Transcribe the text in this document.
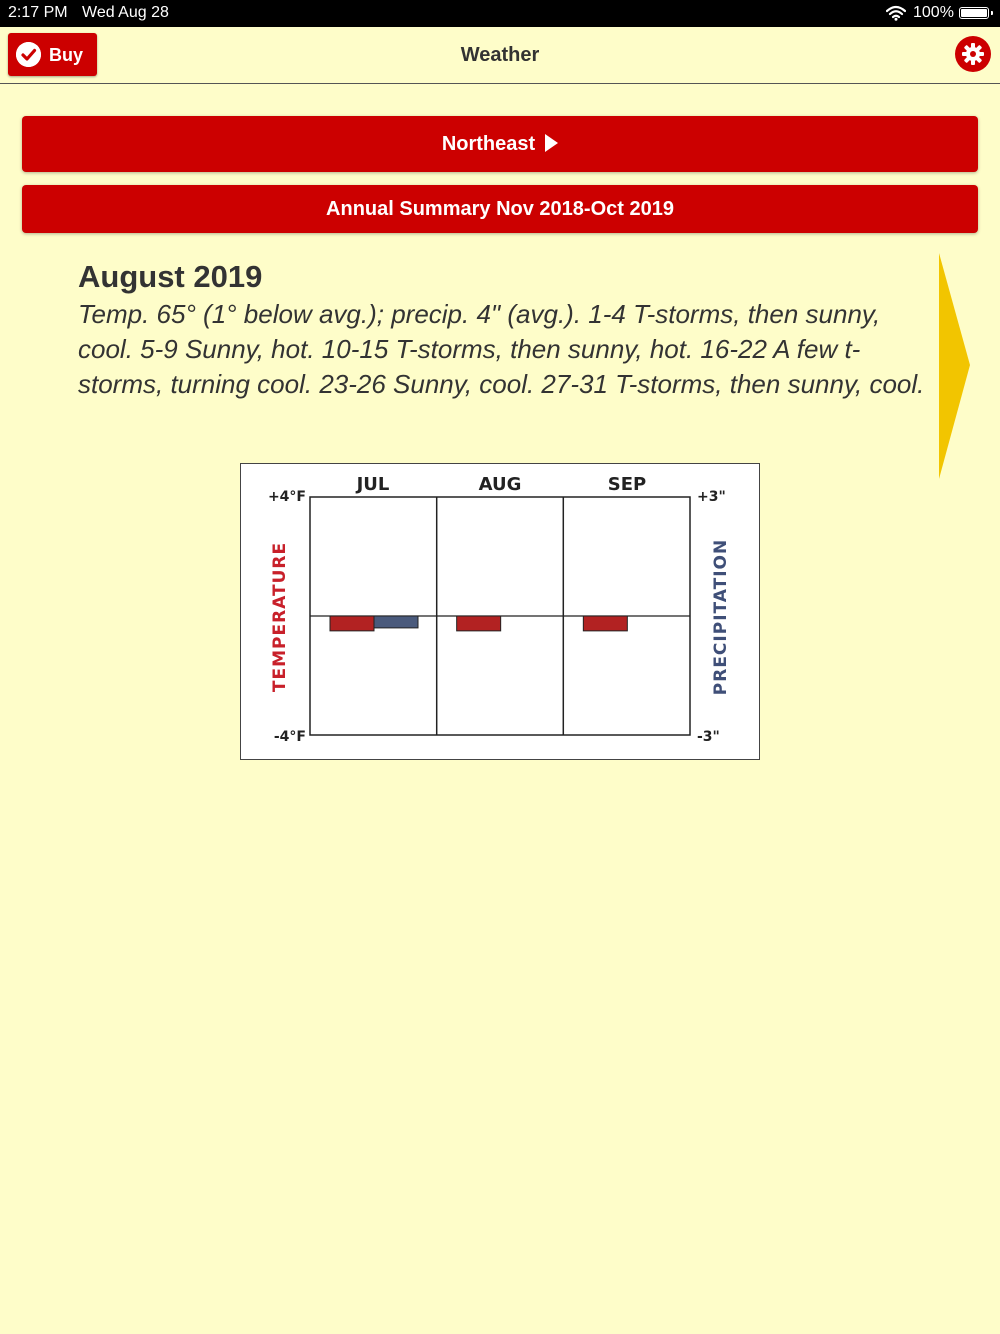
2:17 PM Wed Aug 28	100%
Buy	Weather
Northeast
Annual Summary Nov 2018-Oct 2019
August 2019
Temp. 65° (1° below avg.); precip. 4" (avg.). 1-4 T-storms, then sunny, cool. 5-9 Sunny, hot. 10-15 T-storms, then sunny, hot. 16-22 A few t-storms, turning cool. 23-26 Sunny, cool. 27-31 T-storms, then sunny, cool.
JUL	AUG	SEP
+4°F
-4°F
+3"
-3"
TEMPERATURE	PRECIPITATION
